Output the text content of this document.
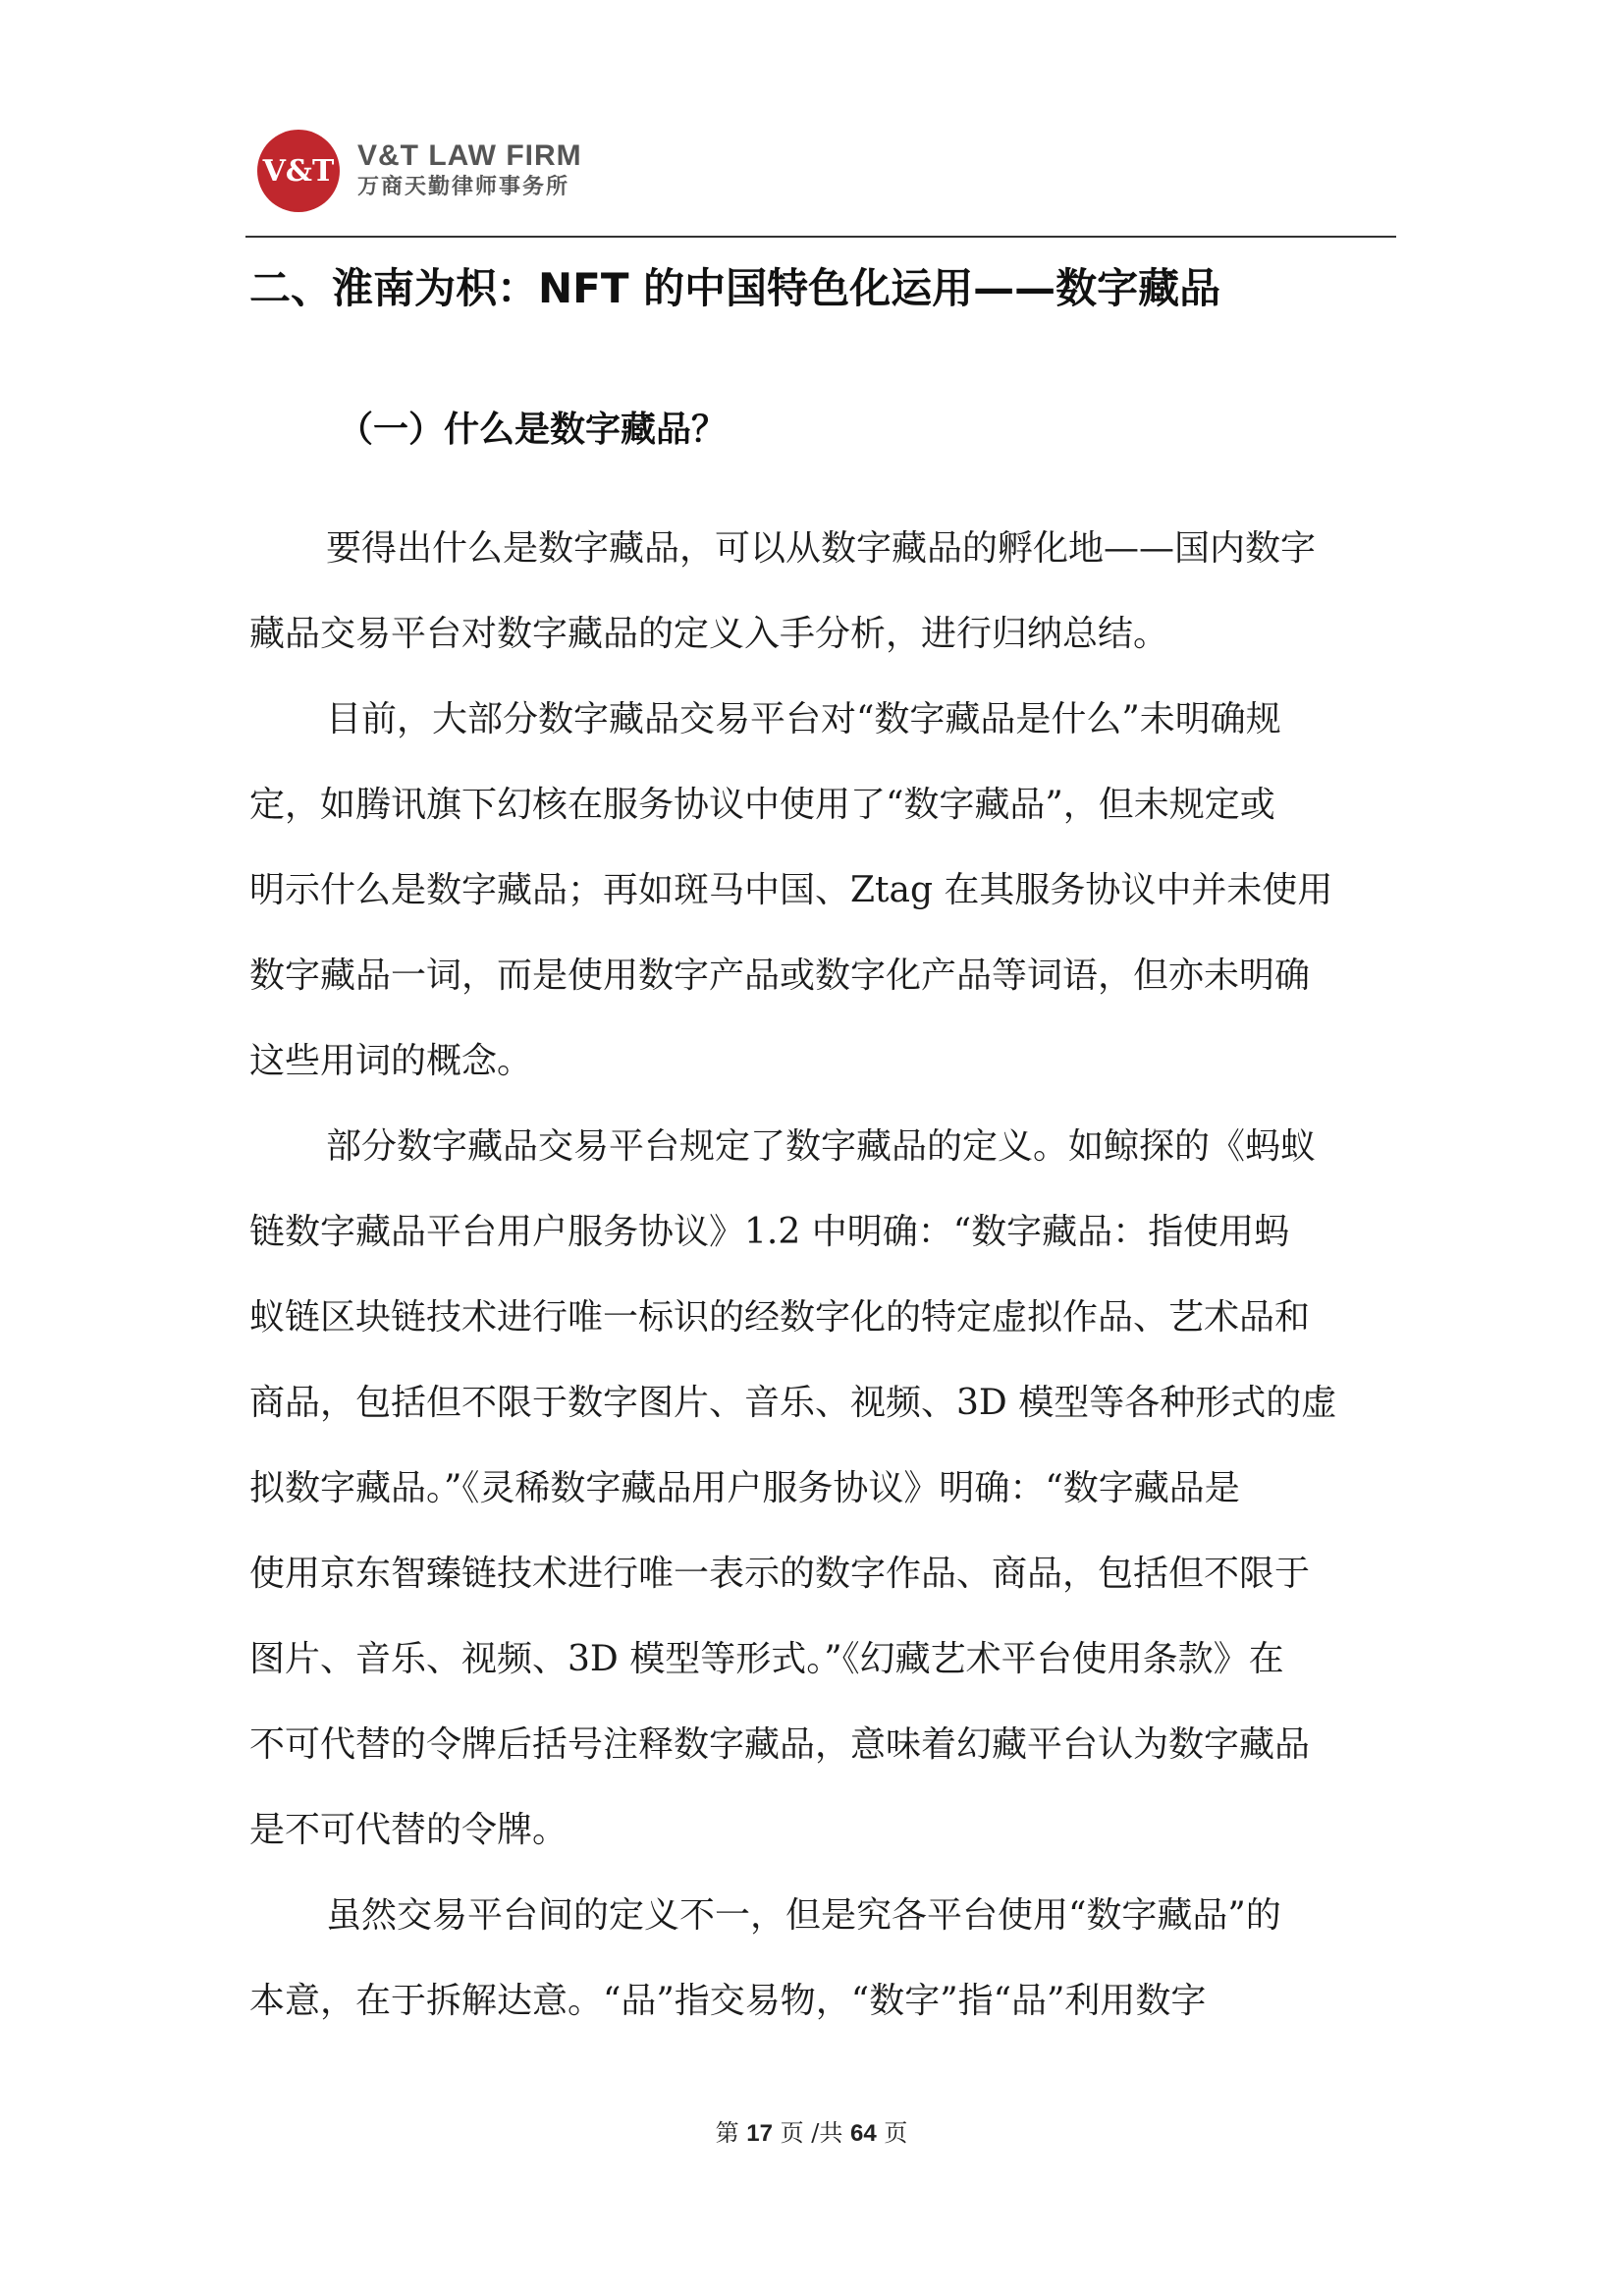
V&T V&T LAW FIRM
万商天勤律师事务所
二、淮南为枳：NFT 的中国特色化运用——数字藏品
（一）什么是数字藏品？
要得出什么是数字藏品，可以从数字藏品的孵化地——国内数字
藏品交易平台对数字藏品的定义入手分析，进行归纳总结。
目前，大部分数字藏品交易平台对“数字藏品是什么”未明确规
定，如腾讯旗下幻核在服务协议中使用了“数字藏品”，但未规定或
明示什么是数字藏品；再如斑马中国、Ztag 在其服务协议中并未使用
数字藏品一词，而是使用数字产品或数字化产品等词语，但亦未明确
这些用词的概念。
部分数字藏品交易平台规定了数字藏品的定义。如鲸探的《蚂蚁
链数字藏品平台用户服务协议》1.2 中明确：“数字藏品：指使用蚂
蚁链区块链技术进行唯一标识的经数字化的特定虚拟作品、艺术品和
商品，包括但不限于数字图片、音乐、视频、3D 模型等各种形式的虚
拟数字藏品。”《灵稀数字藏品用户服务协议》明确：“数字藏品是
使用京东智臻链技术进行唯一表示的数字作品、商品，包括但不限于
图片、音乐、视频、3D 模型等形式。”《幻藏艺术平台使用条款》在
不可代替的令牌后括号注释数字藏品，意味着幻藏平台认为数字藏品
是不可代替的令牌。
虽然交易平台间的定义不一，但是究各平台使用“数字藏品”的
本意，在于拆解达意。“品”指交易物，“数字”指“品”利用数字
第 17 页 /共 64 页
